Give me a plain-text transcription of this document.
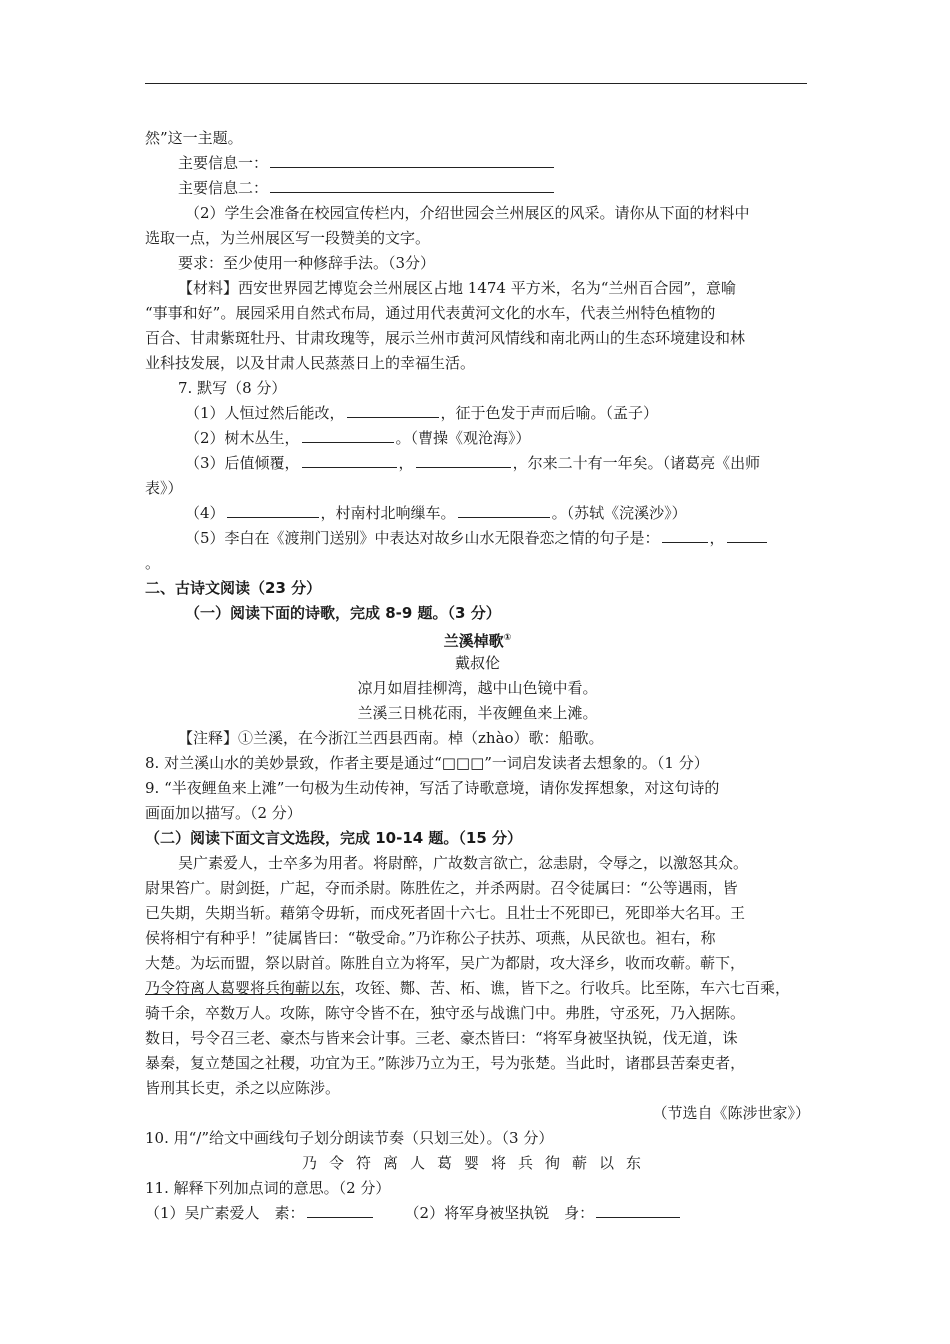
然”这一主题。
主要信息一：
主要信息二：
（2）学生会准备在校园宣传栏内，介绍世园会兰州展区的风采。请你从下面的材料中
选取一点，为兰州展区写一段赞美的文字。
要求：至少使用一种修辞手法。（3分）
【材料】西安世界园艺博览会兰州展区占地 1474 平方米，名为“兰州百合园”，意喻
“事事和好”。展园采用自然式布局，通过用代表黄河文化的水车，代表兰州特色植物的
百合、甘肃紫斑牡丹、甘肃玫瑰等，展示兰州市黄河风情线和南北两山的生态环境建设和林
业科技发展，以及甘肃人民蒸蒸日上的幸福生活。
7. 默写（8 分）
（1）人恒过然后能改，	，征于色发于声而后喻。（孟子）
（2）树木丛生，	。（曹操《观沧海》）
（3）后值倾覆，	，	，尔来二十有一年矣。（诸葛亮《出师
表》）
（4）	，村南村北响缫车。	。（苏轼《浣溪沙》）
（5）李白在《渡荆门送别》中表达对故乡山水无限眷恋之情的句子是：	，
。
二、古诗文阅读（23 分）
（一）阅读下面的诗歌，完成 8-9 题。（3 分）
兰溪棹歌①
戴叔伦
凉月如眉挂柳湾，越中山色镜中看。
兰溪三日桃花雨，半夜鲤鱼来上滩。
【注释】①兰溪，在今浙江兰西县西南。棹（zhào）歌：船歌。
8. 对兰溪山水的美妙景致，作者主要是通过“□□□”一词启发读者去想象的。（1 分）
9. “半夜鲤鱼来上滩”一句极为生动传神，写活了诗歌意境，请你发挥想象，对这句诗的
画面加以描写。（2 分）
（二）阅读下面文言文选段，完成 10-14 题。（15 分）
吴广素爱人，士卒多为用者。将尉醉，广故数言欲亡，忿恚尉，令辱之，以激怒其众。
尉果笞广。尉剑挺，广起，夺而杀尉。陈胜佐之，并杀两尉。召令徒属曰：“公等遇雨，皆
已失期，失期当斩。藉第令毋斩，而戍死者固十六七。且壮士不死即已，死即举大名耳。王
侯将相宁有种乎！”徒属皆曰：“敬受命。”乃诈称公子扶苏、项燕，从民欲也。袒右，称
大楚。为坛而盟，祭以尉首。陈胜自立为将军，吴广为都尉，攻大泽乡，收而攻蕲。蕲下，
乃令符离人葛婴将兵徇蕲以东，攻铚、酂、苦、柘、谯，皆下之。行收兵。比至陈，车六七百乘，
骑千余，卒数万人。攻陈，陈守令皆不在，独守丞与战谯门中。弗胜，守丞死，乃入据陈。
数日，号令召三老、豪杰与皆来会计事。三老、豪杰皆曰：“将军身被坚执锐，伐无道，诛
暴秦，复立楚国之社稷，功宜为王。”陈涉乃立为王，号为张楚。当此时，诸郡县苦秦吏者，
皆刑其长吏，杀之以应陈涉。
（节选自《陈涉世家》）
10. 用“/”给文中画线句子划分朗读节奏（只划三处）。（3 分）
乃令符离人葛婴将兵徇蕲以东
11. 解释下列加点词的意思。（2 分）
（1）吴广素爱人　素：	（2）将军身被坚执锐　身：
